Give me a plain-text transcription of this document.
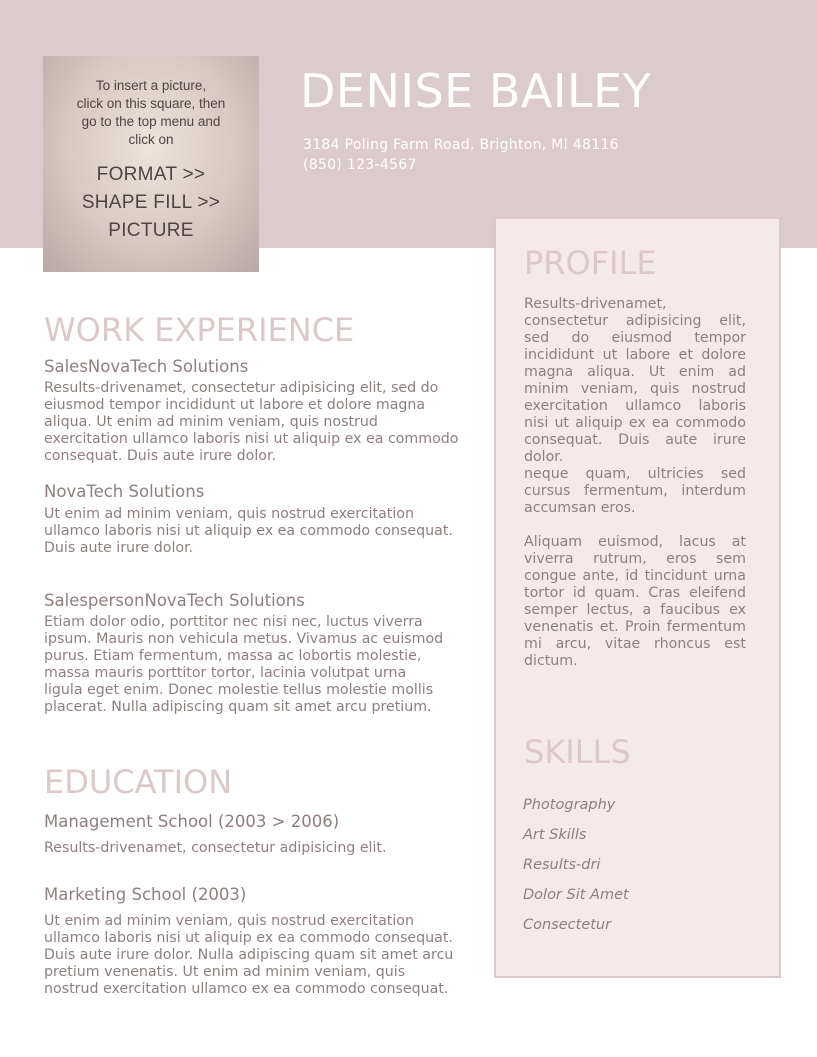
To insert a picture,
click on this square, then
go to the top menu and
click on
FORMAT >>
SHAPE FILL >>
PICTURE
DENISE BAILEY
3184 Poling Farm Road, Brighton, MI 48116
(850) 123-4567
WORK EXPERIENCE
SalesNovaTech Solutions
Results-drivenamet, consectetur adipisicing elit, sed do eiusmod tempor incididunt ut labore et dolore magna aliqua. Ut enim ad minim veniam, quis nostrud exercitation ullamco laboris nisi ut aliquip ex ea commodo consequat. Duis aute irure dolor.
NovaTech Solutions
Ut enim ad minim veniam, quis nostrud exercitation ullamco laboris nisi ut aliquip ex ea commodo consequat. Duis aute irure dolor.
SalespersonNovaTech Solutions
Etiam dolor odio, porttitor nec nisi nec, luctus viverra ipsum. Mauris non vehicula metus. Vivamus ac euismod purus. Etiam fermentum, massa ac lobortis molestie, massa mauris porttitor tortor, lacinia volutpat urna ligula eget enim. Donec molestie tellus molestie mollis placerat. Nulla adipiscing quam sit amet arcu pretium.
EDUCATION
Management School (2003 > 2006)
Results-drivenamet, consectetur adipisicing elit.
Marketing School (2003)
Ut enim ad minim veniam, quis nostrud exercitation ullamco laboris nisi ut aliquip ex ea commodo consequat. Duis aute irure dolor. Nulla adipiscing quam sit amet arcu pretium venenatis. Ut enim ad minim veniam, quis nostrud exercitation ullamco ex ea commodo consequat.
PROFILE

Results-drivenamet, consectetur adipisicing elit, sed do eiusmod tempor incididunt ut labore et dolore magna aliqua. Ut enim ad minim veniam, quis nostrud exercitation ullamco laboris nisi ut aliquip ex ea commodo consequat. Duis aute irure dolor.

neque quam, ultricies sed cursus fermentum, interdum accumsan eros.

Aliquam euismod, lacus at viverra rutrum, eros sem congue ante, id tincidunt urna tortor id quam. Cras eleifend semper lectus, a faucibus ex venenatis et. Proin fermentum mi arcu, vitae rhoncus est dictum.

SKILLS
Photography
Art Skills
Results-dri
Dolor Sit Amet
Consectetur
